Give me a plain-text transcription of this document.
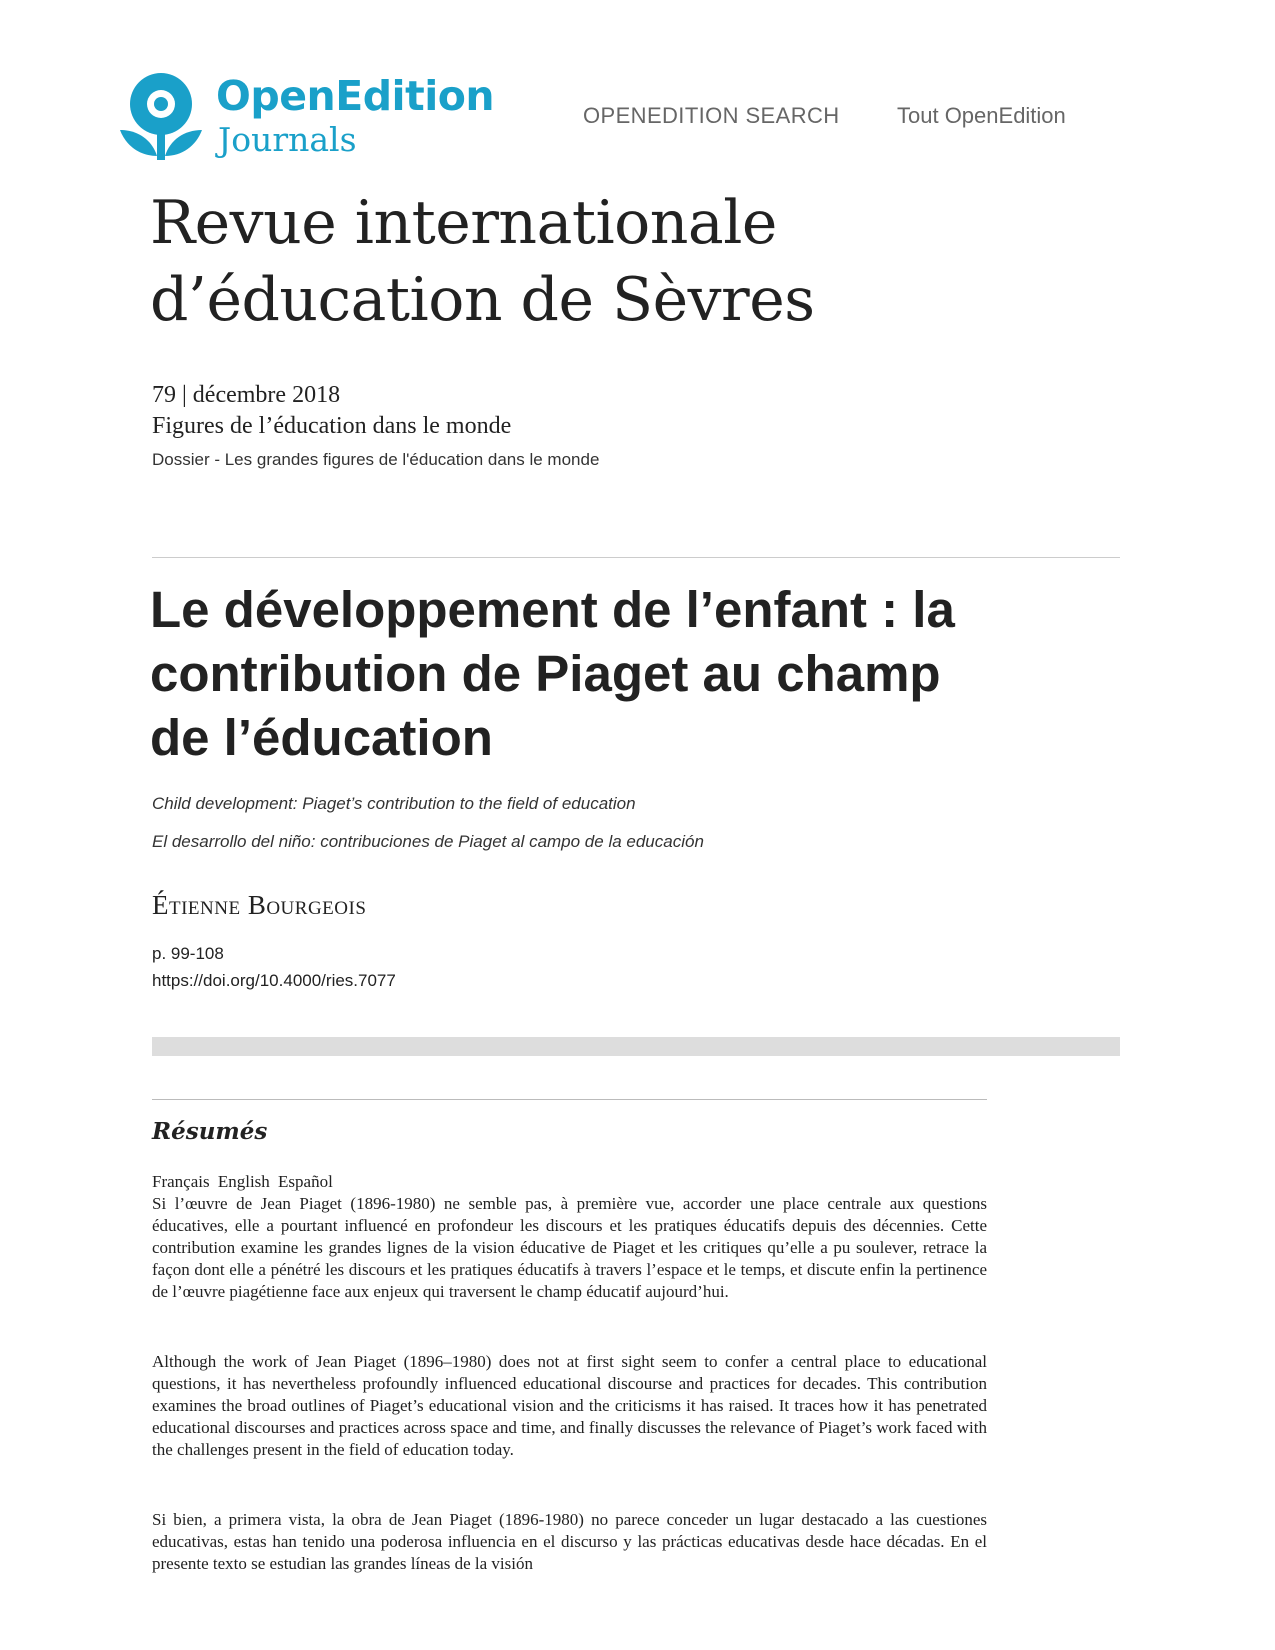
OpenEdition
Journals
OPENEDITION SEARCH	Tout OpenEdition
Revue internationale
d’éducation de Sèvres
79 | décembre 2018
Figures de l’éducation dans le monde
Dossier - Les grandes figures de l'éducation dans le monde
Le développement de l’enfant : la
contribution de Piaget au champ
de l’éducation
Child development: Piaget’s contribution to the field of education
El desarrollo del niño: contribuciones de Piaget al campo de la educación
Étienne Bourgeois
p. 99-108
https://doi.org/10.4000/ries.7077
Résumés
Français English Español

Si l’œuvre de Jean Piaget (1896-1980) ne semble pas, à première vue, accorder une place centrale aux questions éducatives, elle a pourtant influencé en profondeur les discours et les pratiques éducatifs depuis des décennies. Cette contribution examine les grandes lignes de la vision éducative de Piaget et les critiques qu’elle a pu soulever, retrace la façon dont elle a pénétré les discours et les pratiques éducatifs à travers l’espace et le temps, et discute enfin la pertinence de l’œuvre piagétienne face aux enjeux qui traversent le champ éducatif aujourd’hui.

Although the work of Jean Piaget (1896–1980) does not at first sight seem to confer a central place to educational questions, it has nevertheless profoundly influenced educational discourse and practices for decades. This contribution examines the broad outlines of Piaget’s educational vision and the criticisms it has raised. It traces how it has penetrated educational discourses and practices across space and time, and finally discusses the relevance of Piaget’s work faced with the challenges present in the field of education today.

Si bien, a primera vista, la obra de Jean Piaget (1896-1980) no parece conceder un lugar destacado a las cuestiones educativas, estas han tenido una poderosa influencia en el discurso y las prácticas educativas desde hace décadas. En el presente texto se estudian las grandes líneas de la visión
